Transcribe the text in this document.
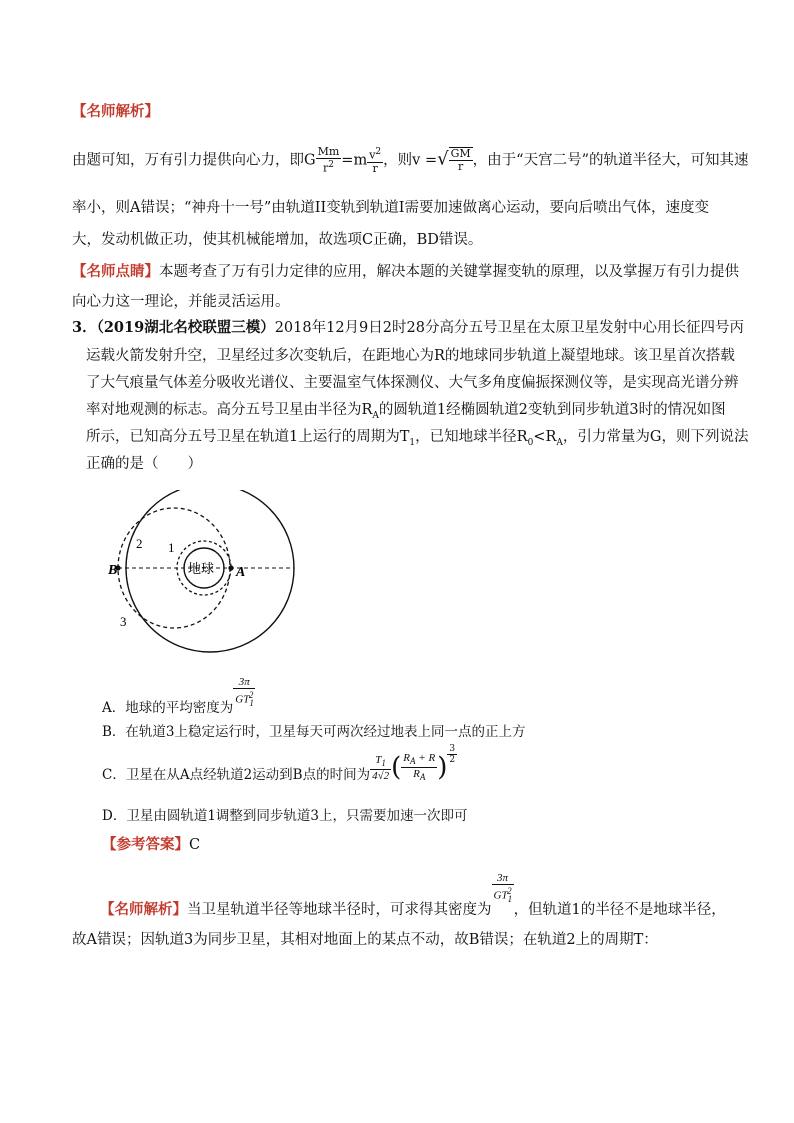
【名师解析】
由题可知，万有引力提供向心力，即G $\frac{Mm}{r^2} =m \frac{v^2}{r}$ ，则v =√ $\frac{GM}{r}$ ，由于“天宫二号”的轨道半径大，可知其速
率小，则A错误；“神舟十一号”由轨道II变轨到轨道I需要加速做离心运动，要向后喷出气体，速度变
大，发动机做正功，使其机械能增加，故选项C正确，BD错误。
【名师点睛】本题考查了万有引力定律的应用，解决本题的关键掌握变轨的原理，以及掌握万有引力提供
向心力这一理论，并能灵活运用。
3．（2019湖北名校联盟三模）2018年12月9日2时28分高分五号卫星在太原卫星发射中心用长征四号丙
运载火箭发射升空，卫星经过多次变轨后，在距地心为R的地球同步轨道上凝望地球。该卫星首次搭载
了大气痕量气体差分吸收光谱仪、主要温室气体探测仪、大气多角度偏振探测仪等，是实现高光谱分辨
率对地观测的标志。高分五号卫星由半径为$R_A$的圆轨道1经椭圆轨道2变轨到同步轨道3时的情况如图
所示，已知高分五号卫星在轨道1上运行的周期为$T_1$，已知地球半径$R_0<R_A$，引力常量为G，则下列说法
正确的是（　　）
B	A
1
2
3
地球
A．地球的平均密度为 $\frac{3\pi}{GT_1^2}$
B．在轨道3上稳定运行时，卫星每天可两次经过地表上同一点的正上方
C．卫星在从A点经轨道2运动到B点的时间为 $\frac{T_1}{4√2}$ ( $\frac{R_A + R}{R_A}$ ) $\frac{3}{2}$
D．卫星由圆轨道1调整到同步轨道3上，只需要加速一次即可
【参考答案】C
【名师解析】当卫星轨道半径等地球半径时，可求得其密度为
$\frac{3\pi}{GT_1^2}$
，但轨道1的半径不是地球半径，
故A错误；因轨道3为同步卫星，其相对地面上的某点不动，故B错误；在轨道2上的周期T：
